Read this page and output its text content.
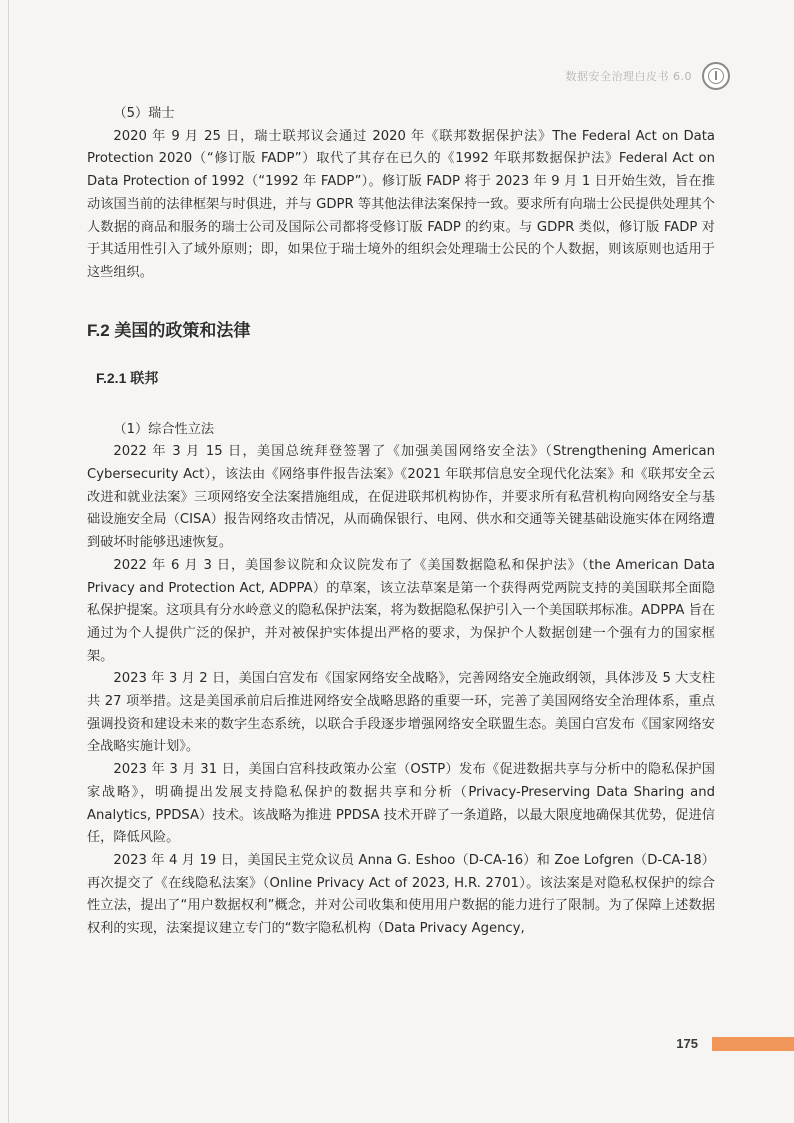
数据安全治理白皮书 6.0

（5）瑞士

2020 年 9 月 25 日，瑞士联邦议会通过 2020 年《联邦数据保护法》The Federal Act on Data Protection 2020（“修订版 FADP”）取代了其存在已久的《1992 年联邦数据保护法》Federal Act on Data Protection of 1992（“1992 年 FADP”）。修订版 FADP 将于 2023 年 9 月 1 日开始生效，旨在推动该国当前的法律框架与时俱进，并与 GDPR 等其他法律法案保持一致。要求所有向瑞士公民提供处理其个人数据的商品和服务的瑞士公司及国际公司都将受修订版 FADP 的约束。与 GDPR 类似，修订版 FADP 对于其适用性引入了域外原则；即，如果位于瑞士境外的组织会处理瑞士公民的个人数据，则该原则也适用于这些组织。

F.2 美国的政策和法律
F.2.1 联邦

（1）综合性立法

2022 年 3 月 15 日，美国总统拜登签署了《加强美国网络安全法》（Strengthening American Cybersecurity Act），该法由《网络事件报告法案》《2021 年联邦信息安全现代化法案》和《联邦安全云改进和就业法案》三项网络安全法案措施组成，在促进联邦机构协作，并要求所有私营机构向网络安全与基础设施安全局（CISA）报告网络攻击情况，从而确保银行、电网、供水和交通等关键基础设施实体在网络遭到破坏时能够迅速恢复。

2022 年 6 月 3 日，美国参议院和众议院发布了《美国数据隐私和保护法》（the American Data Privacy and Protection Act, ADPPA）的草案，该立法草案是第一个获得两党两院支持的美国联邦全面隐私保护提案。这项具有分水岭意义的隐私保护法案，将为数据隐私保护引入一个美国联邦标准。ADPPA 旨在通过为个人提供广泛的保护，并对被保护实体提出严格的要求，为保护个人数据创建一个强有力的国家框架。

2023 年 3 月 2 日，美国白宫发布《国家网络安全战略》，完善网络安全施政纲领，具体涉及 5 大支柱共 27 项举措。这是美国承前启后推进网络安全战略思路的重要一环，完善了美国网络安全治理体系，重点强调投资和建设未来的数字生态系统，以联合手段逐步增强网络安全联盟生态。美国白宫发布《国家网络安全战略实施计划》。

2023 年 3 月 31 日，美国白宫科技政策办公室（OSTP）发布《促进数据共享与分析中的隐私保护国家战略》，明确提出发展支持隐私保护的数据共享和分析（Privacy-Preserving Data Sharing and Analytics, PPDSA）技术。该战略为推进 PPDSA 技术开辟了一条道路，以最大限度地确保其优势，促进信任，降低风险。

2023 年 4 月 19 日，美国民主党众议员 Anna G. Eshoo（D-CA-16）和 Zoe Lofgren（D-CA-18）再次提交了《在线隐私法案》（Online Privacy Act of 2023, H.R. 2701）。该法案是对隐私权保护的综合性立法，提出了“用户数据权利”概念，并对公司收集和使用用户数据的能力进行了限制。为了保障上述数据权利的实现，法案提议建立专门的“数字隐私机构（Data Privacy Agency,

175
